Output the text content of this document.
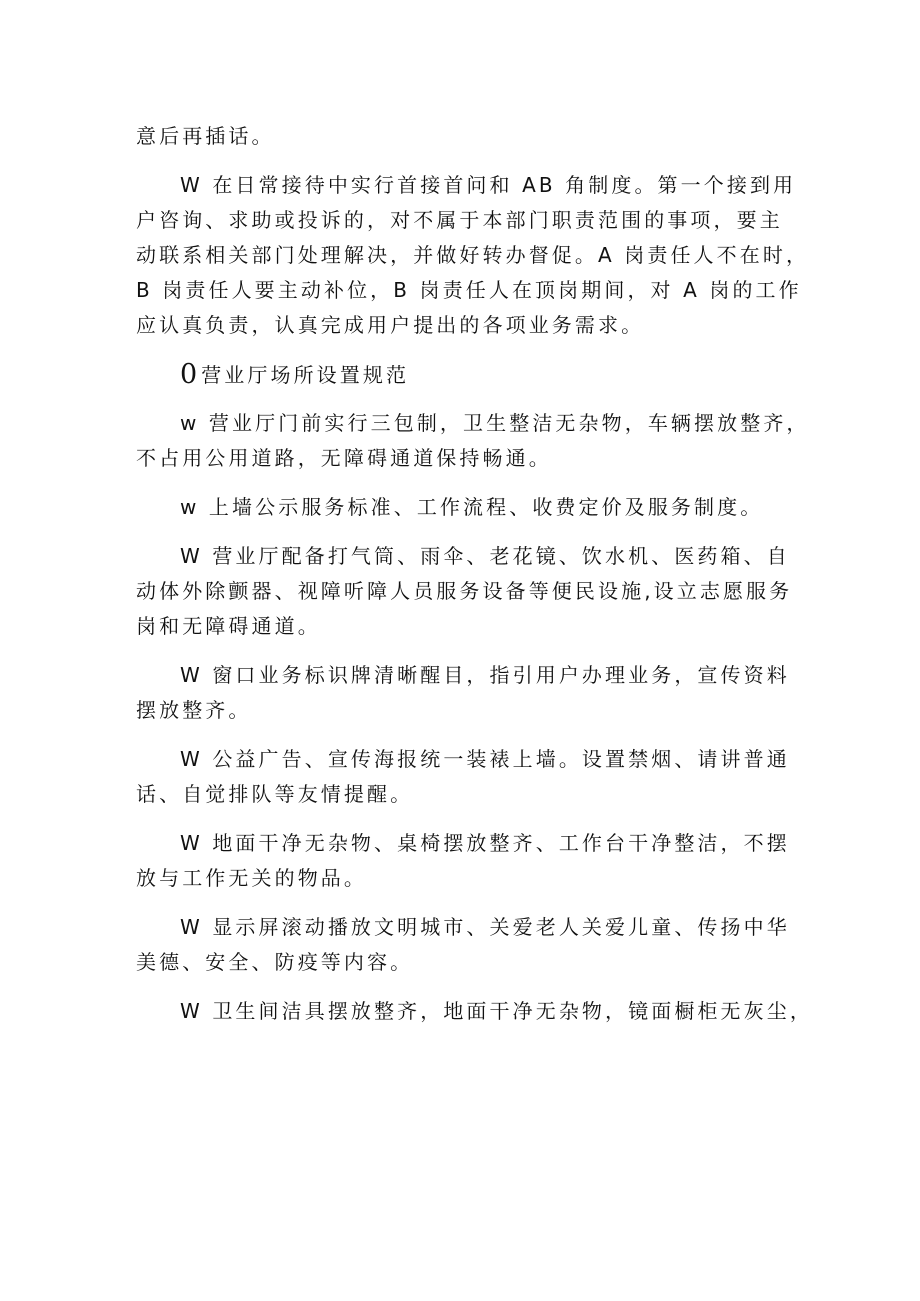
意后再插话。
W 在日常接待中实行首接首问和 AB 角制度。第一个接到用
户咨询、求助或投诉的，对不属于本部门职责范围的事项，要主
动联系相关部门处理解决，并做好转办督促。A 岗责任人不在时，
B 岗责任人要主动补位，B 岗责任人在顶岗期间，对 A 岗的工作
应认真负责，认真完成用户提出的各项业务需求。
0 营业厅场所设置规范
w 营业厅门前实行三包制，卫生整洁无杂物，车辆摆放整齐，
不占用公用道路，无障碍通道保持畅通。
w 上墙公示服务标准、工作流程、收费定价及服务制度。
W 营业厅配备打气筒、雨伞、老花镜、饮水机、医药箱、自
动体外除颤器、视障听障人员服务设备等便民设施,设立志愿服务
岗和无障碍通道。
W 窗口业务标识牌清晰醒目，指引用户办理业务，宣传资料
摆放整齐。
W 公益广告、宣传海报统一装裱上墙。设置禁烟、请讲普通
话、自觉排队等友情提醒。
W 地面干净无杂物、桌椅摆放整齐、工作台干净整洁，不摆
放与工作无关的物品。
W 显示屏滚动播放文明城市、关爱老人关爱儿童、传扬中华
美德、安全、防疫等内容。
W 卫生间洁具摆放整齐，地面干净无杂物，镜面橱柜无灰尘，
